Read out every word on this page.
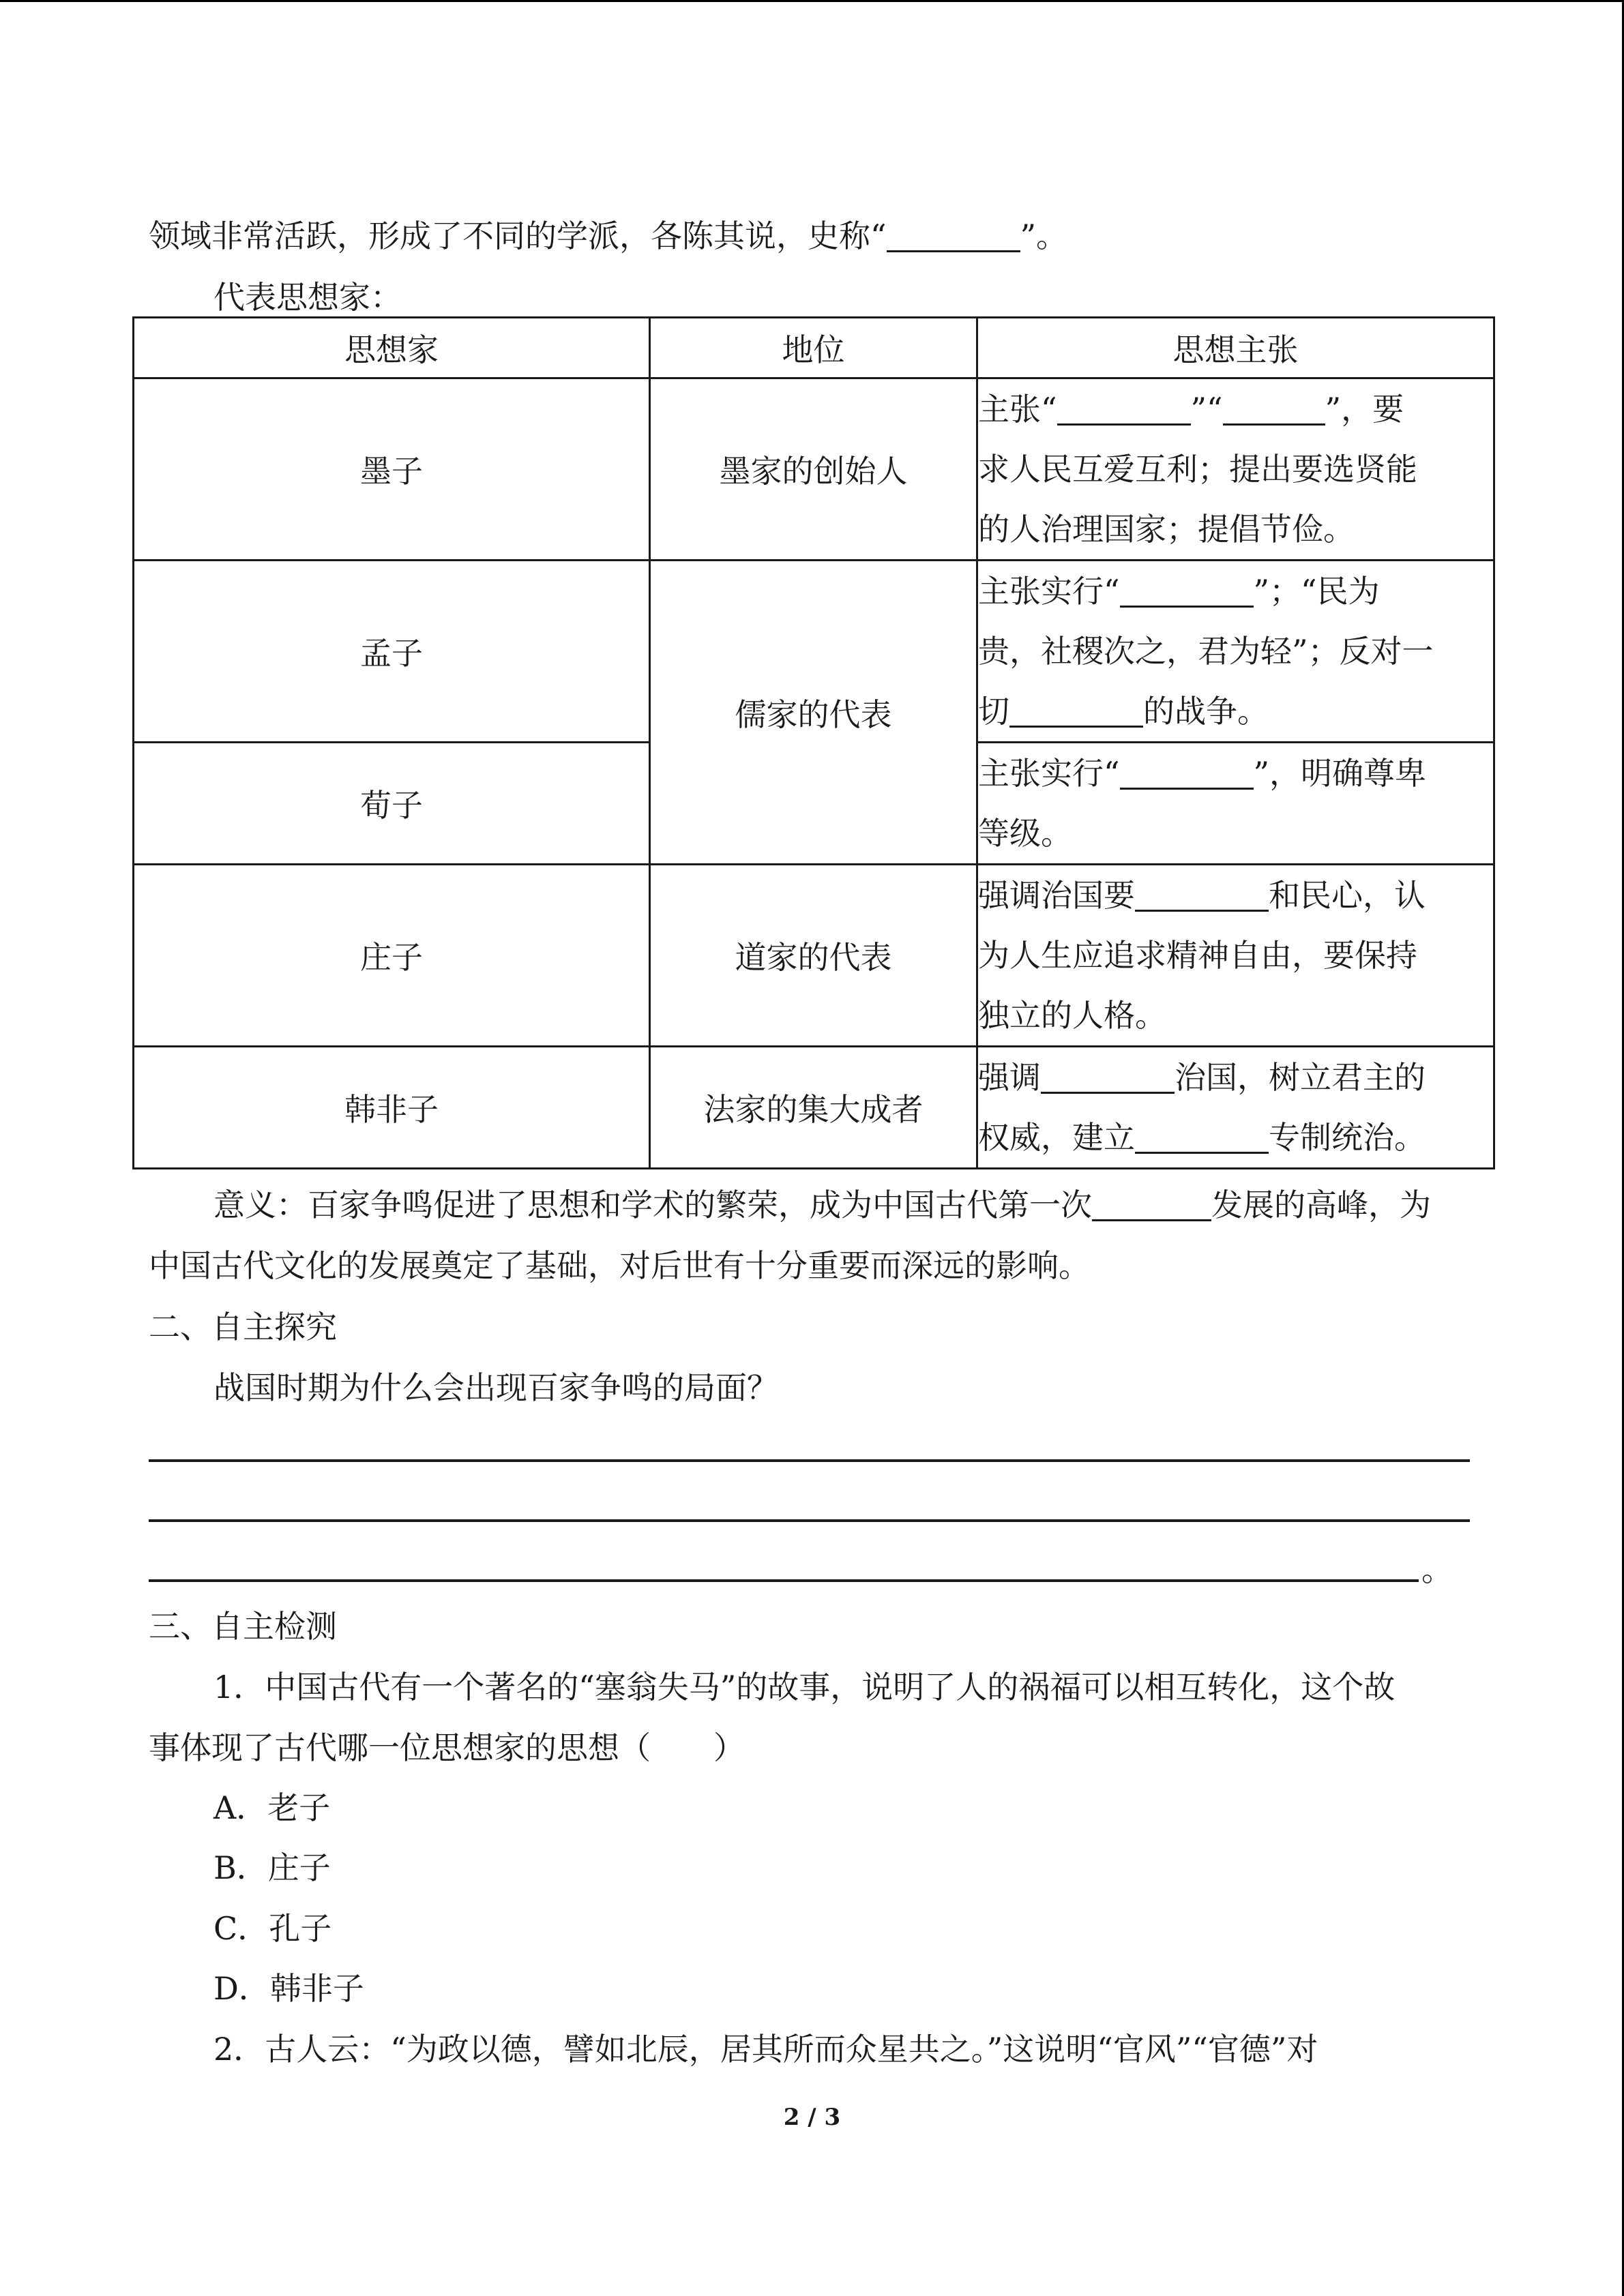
领域非常活跃，形成了不同的学派，各陈其说，史称“	”。
代表思想家：
思想家	地位	思想主张
墨子	墨家的创始人	主张“ ”“ ”，要
求人民互爱互利；提出要选贤能
的人治理国家；提倡节俭。

孟子	儒家的代表	主张实行“ ”；“民为
贵，社稷次之，君为轻”；反对一
切 的战争。

荀子		主张实行“ ”，明确尊卑
等级。

庄子	道家的代表	强调治国要 和民心，认
为人生应追求精神自由，要保持
独立的人格。

韩非子	法家的集大成者	强调 治国，树立君主的
权威，建立 专制统治。
意义：百家争鸣促进了思想和学术的繁荣，成为中国古代第一次	发展的高峰，为
中国古代文化的发展奠定了基础，对后世有十分重要而深远的影响。
二、自主探究
战国时期为什么会出现百家争鸣的局面？
。
三、自主检测
1．中国古代有一个著名的“塞翁失马”的故事，说明了人的祸福可以相互转化，这个故
事体现了古代哪一位思想家的思想（　　）
A．老子
B．庄子
C．孔子
D．韩非子
2．古人云：“为政以德，譬如北辰，居其所而众星共之。”这说明“官风”“官德”对
2 / 3
